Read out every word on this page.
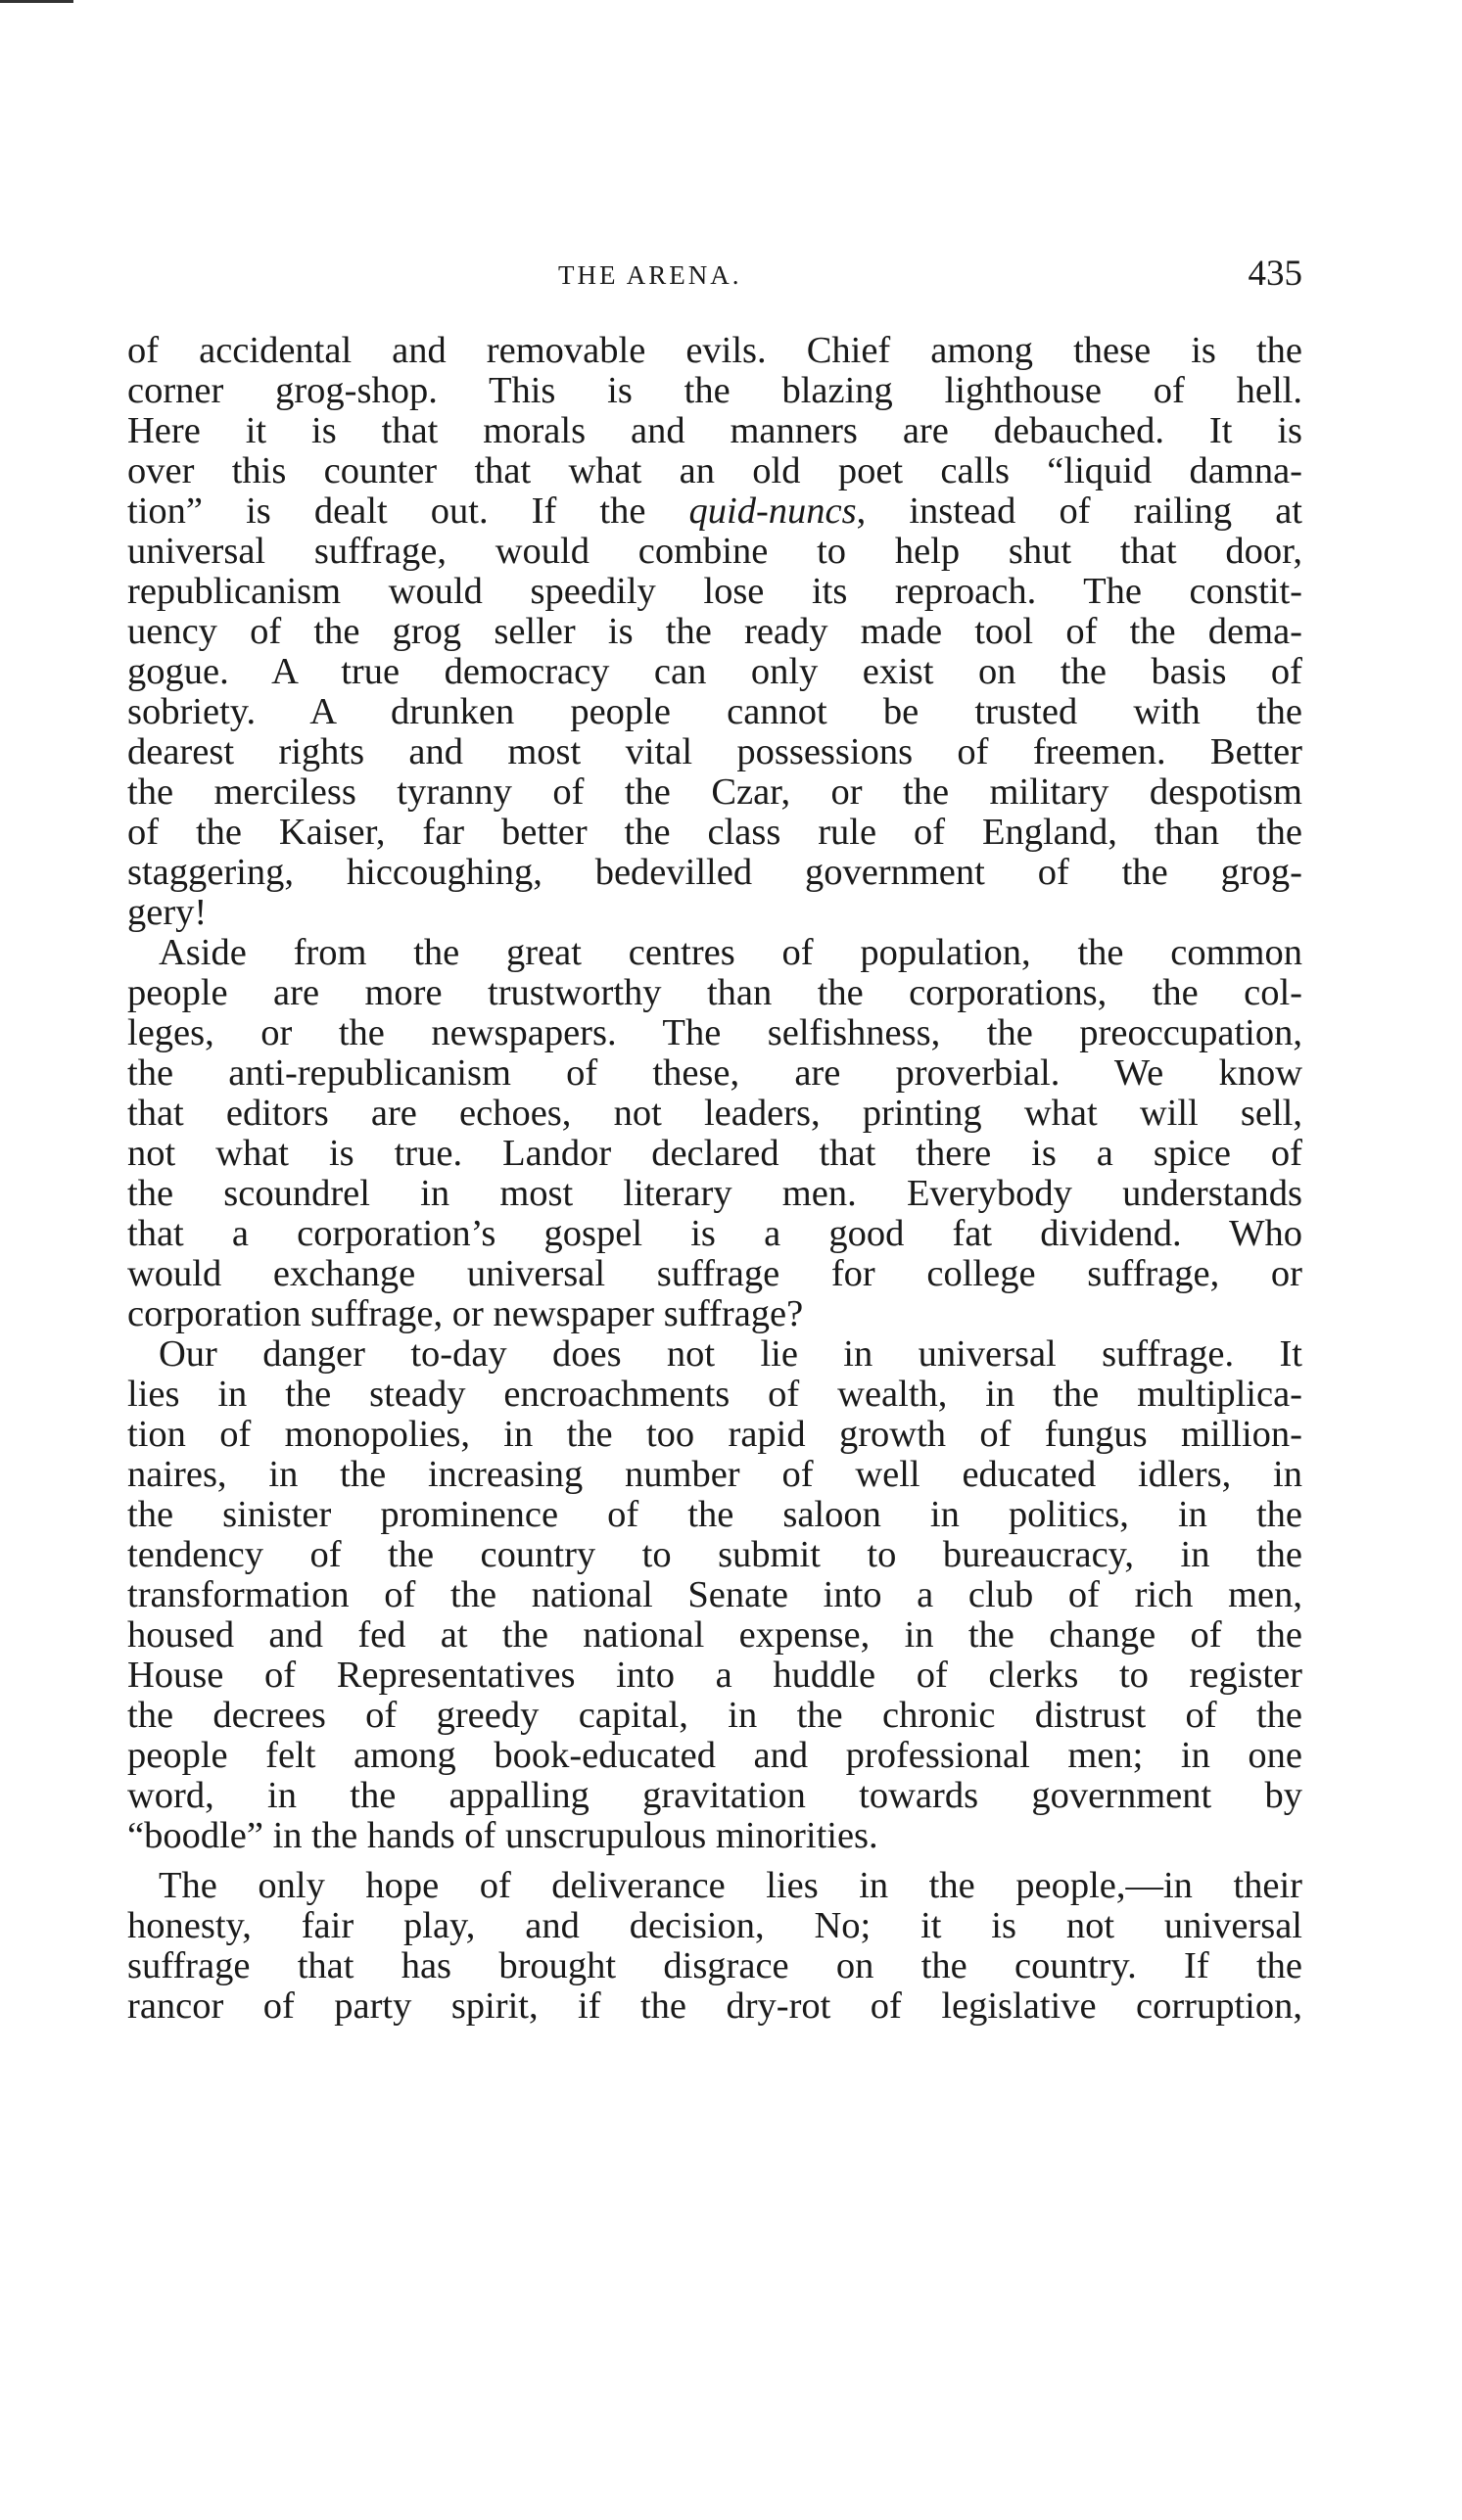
THE ARENA.	435
of accidental and removable evils. Chief among these is the
corner grog-shop. This is the blazing lighthouse of hell.
Here it is that morals and manners are debauched. It is
over this counter that what an old poet calls “liquid damna-
tion” is dealt out. If the quid-nuncs, instead of railing at
universal suffrage, would combine to help shut that door,
republicanism would speedily lose its reproach. The constit-
uency of the grog seller is the ready made tool of the dema-
gogue. A true democracy can only exist on the basis of
sobriety. A drunken people cannot be trusted with the
dearest rights and most vital possessions of freemen. Better
the merciless tyranny of the Czar, or the military despotism
of the Kaiser, far better the class rule of England, than the
staggering, hiccoughing, bedevilled government of the grog-
gery!
Aside from the great centres of population, the common
people are more trustworthy than the corporations, the col-
leges, or the newspapers. The selfishness, the preoccupation,
the anti-republicanism of these, are proverbial. We know
that editors are echoes, not leaders, printing what will sell,
not what is true. Landor declared that there is a spice of
the scoundrel in most literary men. Everybody understands
that a corporation’s gospel is a good fat dividend. Who
would exchange universal suffrage for college suffrage, or
corporation suffrage, or newspaper suffrage?
Our danger to-day does not lie in universal suffrage. It
lies in the steady encroachments of wealth, in the multiplica-
tion of monopolies, in the too rapid growth of fungus million-
naires, in the increasing number of well educated idlers, in
the sinister prominence of the saloon in politics, in the
tendency of the country to submit to bureaucracy, in the
transformation of the national Senate into a club of rich men,
housed and fed at the national expense, in the change of the
House of Representatives into a huddle of clerks to register
the decrees of greedy capital, in the chronic distrust of the
people felt among book-educated and professional men; in one
word, in the appalling gravitation towards government by
“boodle” in the hands of unscrupulous minorities.
The only hope of deliverance lies in the people,—in their
honesty, fair play, and decision, No; it is not universal
suffrage that has brought disgrace on the country. If the
rancor of party spirit, if the dry-rot of legislative corruption,
